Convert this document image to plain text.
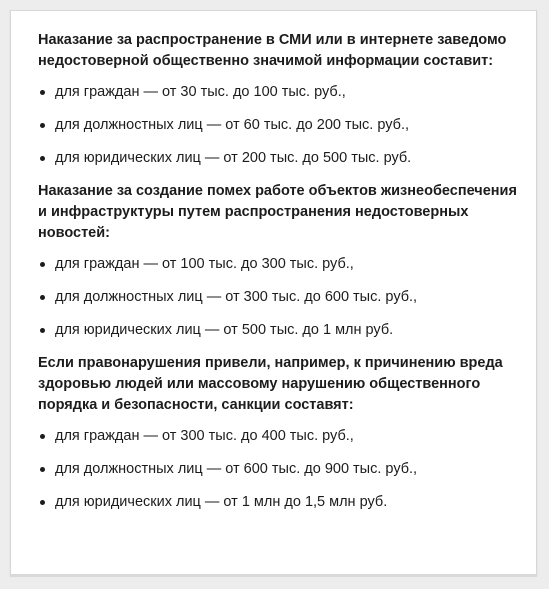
Наказание за распространение в СМИ или в интернете заведомо недостоверной общественно значимой информации составит:

для граждан — от 30 тыс. до 100 тыс. руб.,
для должностных лиц — от 60 тыс. до 200 тыс. руб.,
для юридических лиц — от 200 тыс. до 500 тыс. руб.

Наказание за создание помех работе объектов жизнеобеспечения и инфраструктуры путем распространения недостоверных новостей:

для граждан — от 100 тыс. до 300 тыс. руб.,
для должностных лиц — от 300 тыс. до 600 тыс. руб.,
для юридических лиц — от 500 тыс. до 1 млн руб.

Если правонарушения привели, например, к причинению вреда здоровью людей или массовому нарушению общественного порядка и безопасности, санкции составят:

для граждан — от 300 тыс. до 400 тыс. руб.,
для должностных лиц — от 600 тыс. до 900 тыс. руб.,
для юридических лиц — от 1 млн до 1,5 млн руб.
